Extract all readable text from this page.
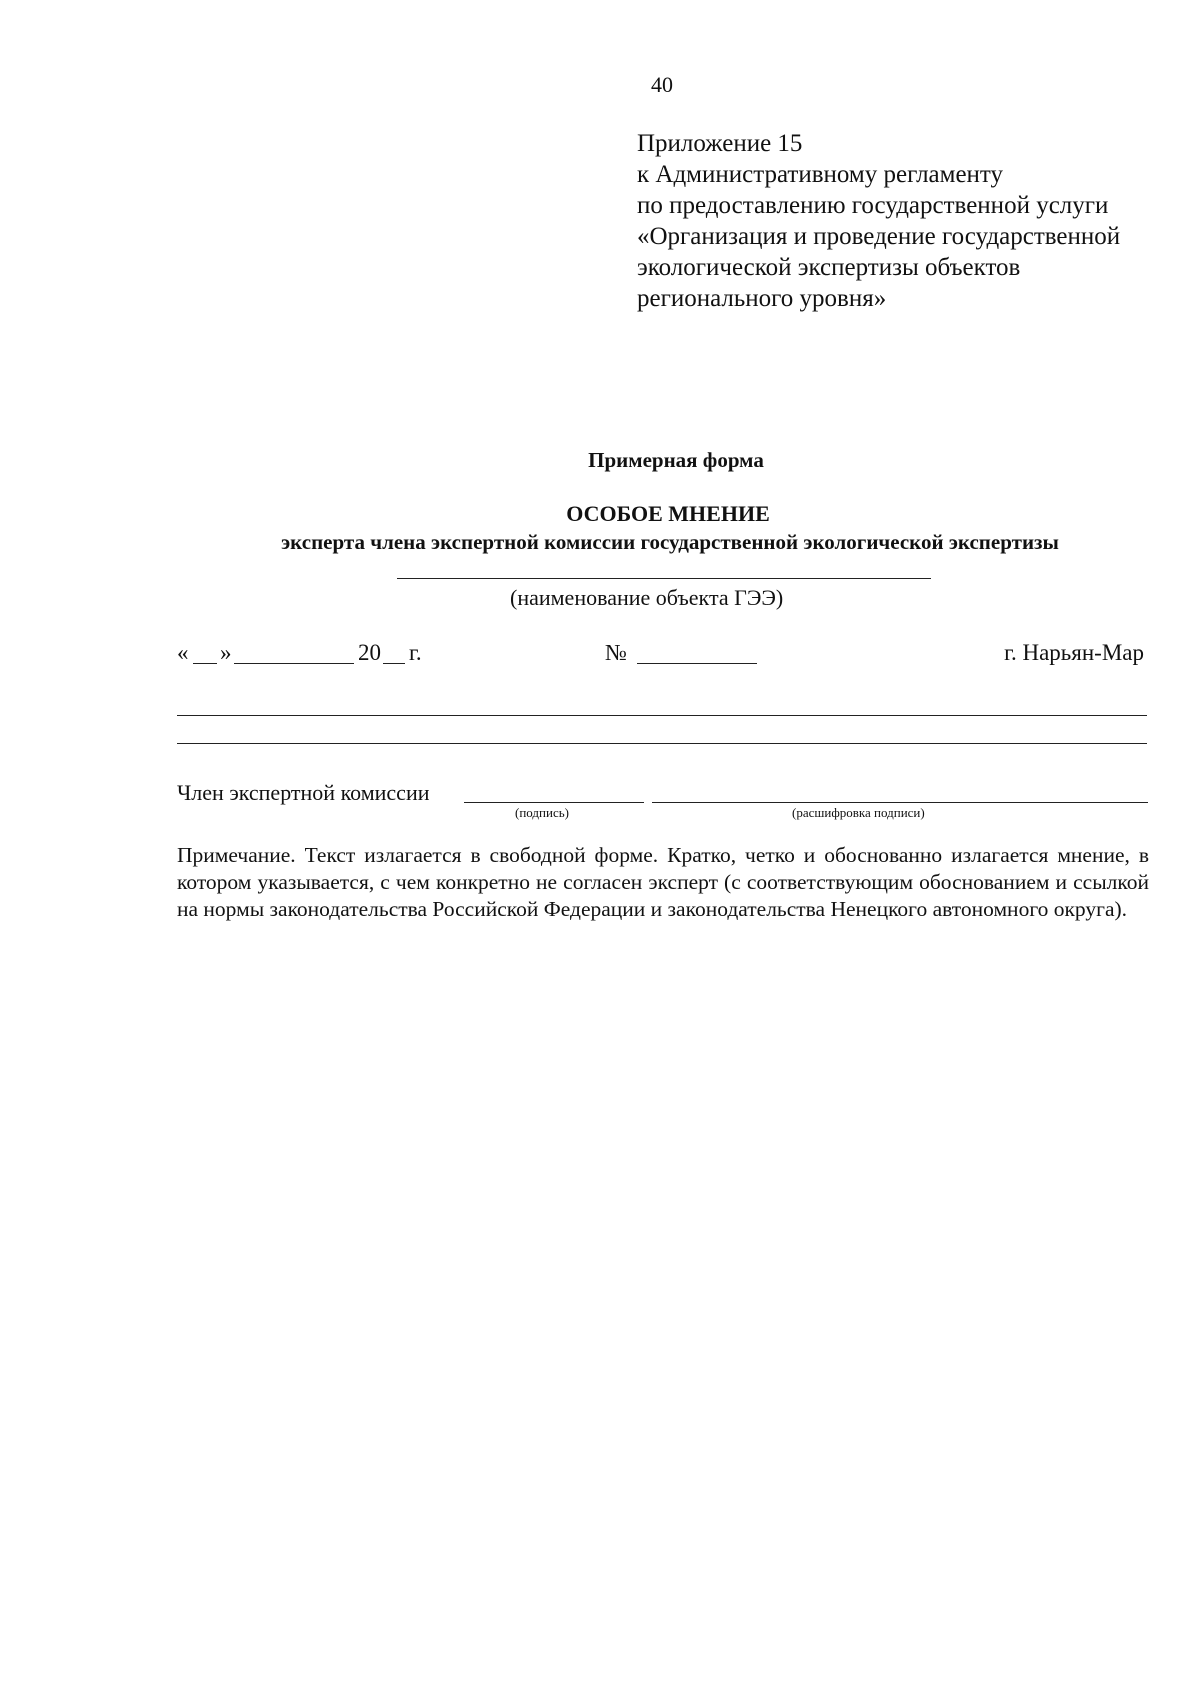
40
Приложение 15
к Административному регламенту
по предоставлению государственной услуги
«Организация и проведение государственной
экологической экспертизы объектов
регионального уровня»
Примерная форма
ОСОБОЕ МНЕНИЕ
эксперта члена экспертной комиссии государственной экологической экспертизы
(наименование объекта ГЭЭ)
« »	20 г.	№	г. Нарьян-Мар
Член экспертной комиссии
(подпись)	(расшифровка подписи)
Примечание. Текст излагается в свободной форме. Кратко, четко и обоснованно излагается мнение, в котором указывается, с чем конкретно не согласен эксперт (с соответствующим обоснованием и ссылкой на нормы законодательства Российской Федерации и законодательства Ненецкого автономного округа).
